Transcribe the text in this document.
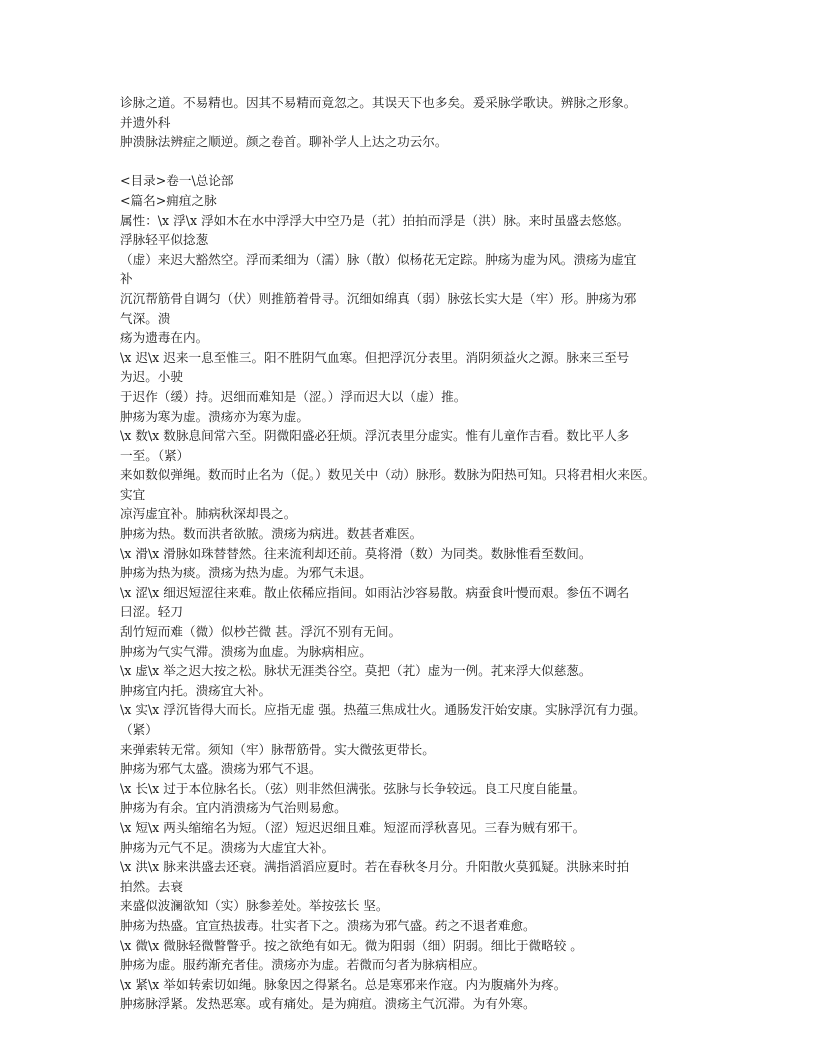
诊脉之道。不易精也。因其不易精而竟忽之。其误天下也多矣。爰采脉学歌诀。辨脉之形象。
并遗外科
肿溃脉法辨症之顺逆。颜之卷首。聊补学人上达之功云尔。
<目录>卷一\总论部
<篇名>痈疽之脉
属性：\x 浮\x 浮如木在水中浮浮大中空乃是（芤）拍拍而浮是（洪）脉。来时虽盛去悠悠。
浮脉轻平似捻葱
（虚）来迟大豁然空。浮而柔细为（濡）脉（散）似杨花无定踪。肿疡为虚为风。溃疡为虚宜
补
沉沉帮筋骨自调匀（伏）则推筋着骨寻。沉细如绵真（弱）脉弦长实大是（牢）形。肿疡为邪
气深。溃
疡为遗毒在内。
\x 迟\x 迟来一息至惟三。阳不胜阴气血寒。但把浮沉分表里。消阴须益火之源。脉来三至号
为迟。小驶
于迟作（缓）持。迟细而难知是（涩。）浮而迟大以（虚）推。
肿疡为寒为虚。溃疡亦为寒为虚。
\x 数\x 数脉息间常六至。阴微阳盛必狂烦。浮沉表里分虚实。惟有儿童作吉看。数比平人多
一至。（紧）
来如数似弹绳。数而时止名为（促。）数见关中（动）脉形。数脉为阳热可知。只将君相火来医。
实宜
凉泻虚宜补。肺病秋深却畏之。
肿疡为热。数而洪者欲脓。溃疡为病进。数甚者难医。
\x 滑\x 滑脉如珠替替然。往来流利却还前。莫将滑（数）为同类。数脉惟看至数间。
肿疡为热为痰。溃疡为热为虚。为邪气未退。
\x 涩\x 细迟短涩往来难。散止依稀应指间。如雨沾沙容易散。病蚕食叶慢而艰。参伍不调名
曰涩。轻刀
刮竹短而难（微）似杪芒微 甚。浮沉不别有无间。
肿疡为气实气滞。溃疡为血虚。为脉病相应。
\x 虚\x 举之迟大按之松。脉状无涯类谷空。莫把（芤）虚为一例。芤来浮大似慈葱。
肿疡宜内托。溃疡宜大补。
\x 实\x 浮沉皆得大而长。应指无虚 强。热蕴三焦成壮火。通肠发汗始安康。实脉浮沉有力强。
（紧）
来弹索转无常。须知（牢）脉帮筋骨。实大微弦更带长。
肿疡为邪气太盛。溃疡为邪气不退。
\x 长\x 过于本位脉名长。（弦）则非然但满张。弦脉与长争较远。良工尺度自能量。
肿疡为有余。宜内消溃疡为气治则易愈。
\x 短\x 两头缩缩名为短。（涩）短迟迟细且难。短涩而浮秋喜见。三春为贼有邪干。
肿疡为元气不足。溃疡为大虚宜大补。
\x 洪\x 脉来洪盛去还衰。满指滔滔应夏时。若在春秋冬月分。升阳散火莫狐疑。洪脉来时拍
拍然。去衰
来盛似波澜欲知（实）脉参差处。举按弦长 坚。
肿疡为热盛。宜宣热拔毒。壮实者下之。溃疡为邪气盛。药之不退者难愈。
\x 微\x 微脉轻微瞥瞥乎。按之欲绝有如无。微为阳弱（细）阴弱。细比于微略较 。
肿疡为虚。服药渐充者佳。溃疡亦为虚。若微而匀者为脉病相应。
\x 紧\x 举如转索切如绳。脉象因之得紧名。总是寒邪来作寇。内为腹痛外为疼。
肿疡脉浮紧。发热恶寒。或有痛处。是为痈疽。溃疡主气沉滞。为有外寒。
